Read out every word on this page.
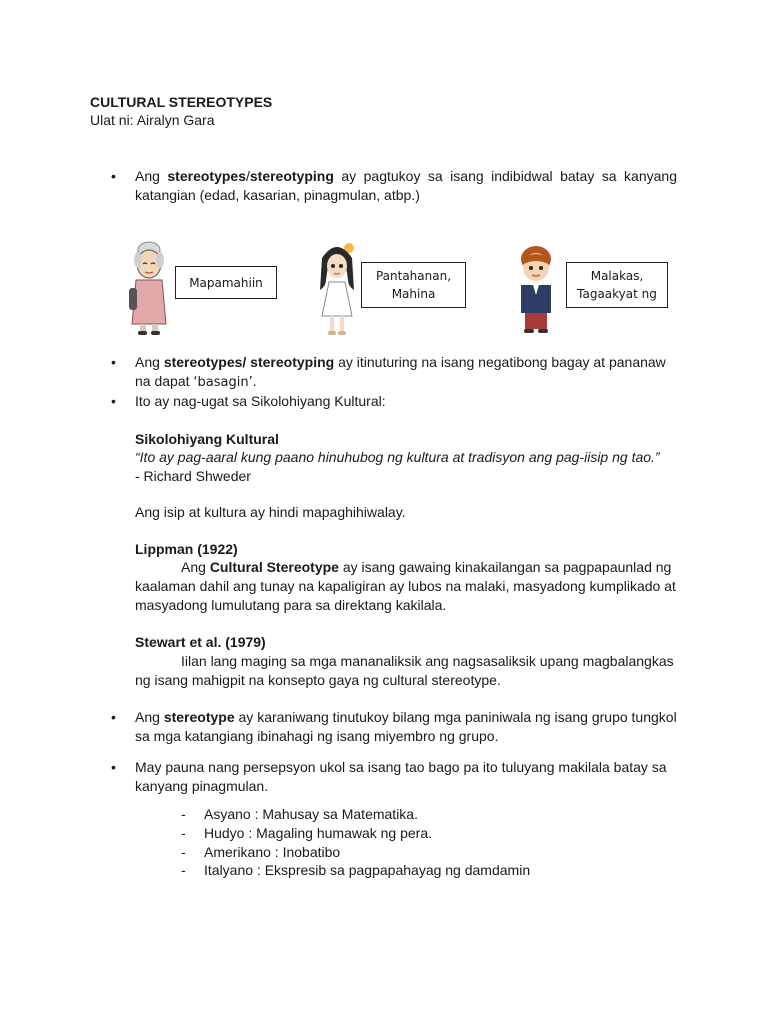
CULTURAL STEREOTYPES
Ulat ni: Airalyn Gara
• Ang stereotypes/stereotyping ay pagtukoy sa isang indibidwal batay sa kanyang katangian (edad, kasarian, pinagmulan, atbp.)
Mapamahiin	Pantahanan,
Mahina
Malakas,
Tagaakyat ng
• Ang stereotypes/ stereotyping ay itinuturing na isang negatibong bagay at pananaw na dapat ‘basagin’.
• Ito ay nag-ugat sa Sikolohiyang Kultural:
Sikolohiyang Kultural
“Ito ay pag-aaral kung paano hinuhubog ng kultura at tradisyon ang pag-iisip ng tao.”
- Richard Shweder
Ang isip at kultura ay hindi mapaghihiwalay.
Lippman (1922)
Ang Cultural Stereotype ay isang gawaing kinakailangan sa pagpapaunlad ng kaalaman dahil ang tunay na kapaligiran ay lubos na malaki, masyadong kumplikado at masyadong lumulutang para sa direktang kakilala.
Stewart et al. (1979)
Iilan lang maging sa mga mananaliksik ang nagsasaliksik upang magbalangkas ng isang mahigpit na konsepto gaya ng cultural stereotype.
• Ang stereotype ay karaniwang tinutukoy bilang mga paniniwala ng isang grupo tungkol sa mga katangiang ibinahagi ng isang miyembro ng grupo.
• May pauna nang persepsyon ukol sa isang tao bago pa ito tuluyang makilala batay sa kanyang pinagmulan.
- Asyano : Mahusay sa Matematika.
- Hudyo : Magaling humawak ng pera.
- Amerikano : Inobatibo
- Italyano : Ekspresib sa pagpapahayag ng damdamin
